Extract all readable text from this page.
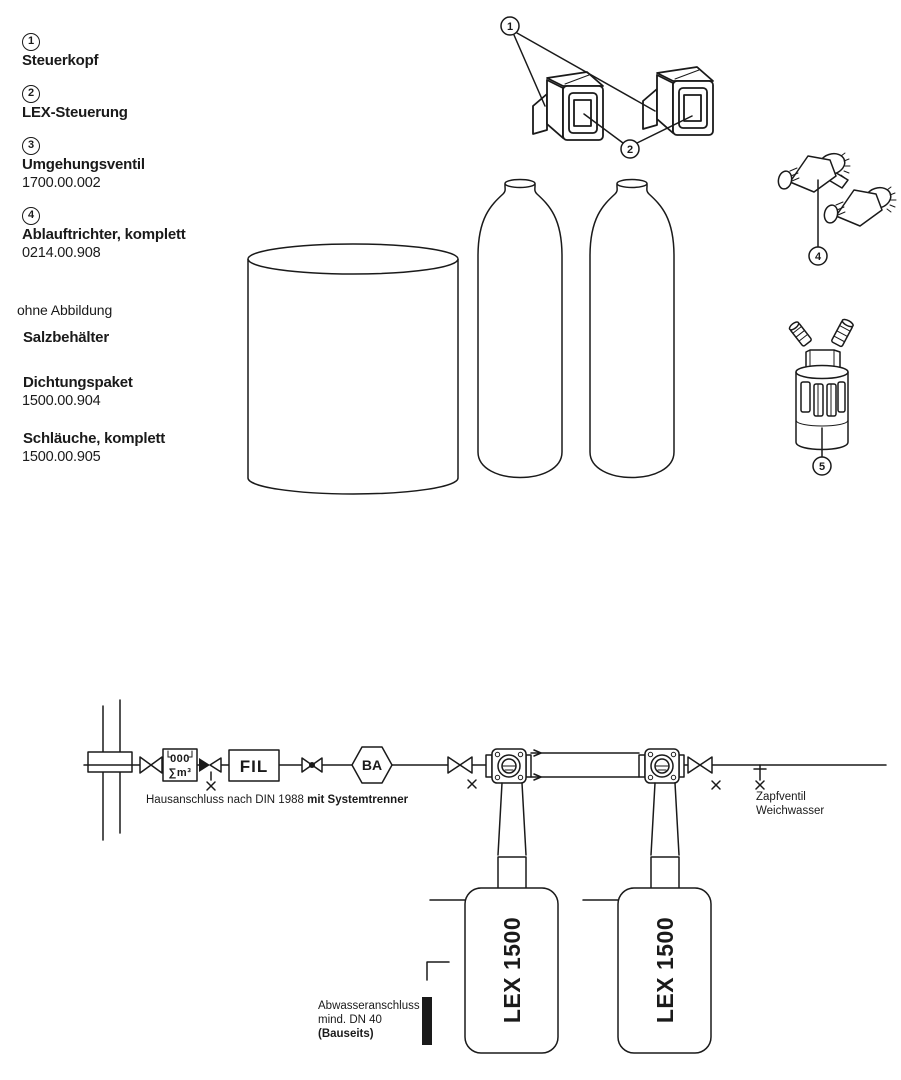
1
Steuerkopf
2
LEX-Steuerung
3
Umgehungsventil
1700.00.002
4
Ablauftrichter, komplett
0214.00.908
ohne Abbildung
Salzbehälter
Dichtungspaket
1500.00.904
Schläuche, komplett
1500.00.905
1
2
4
5
000
∑m³	FIL	BA
Hausanschluss nach DIN 1988 mit Systemtrenner	Zapfventil
Weichwasser
LEX 1500	LEX 1500
Abwasseranschluss
mind. DN 40
(Bauseits)
